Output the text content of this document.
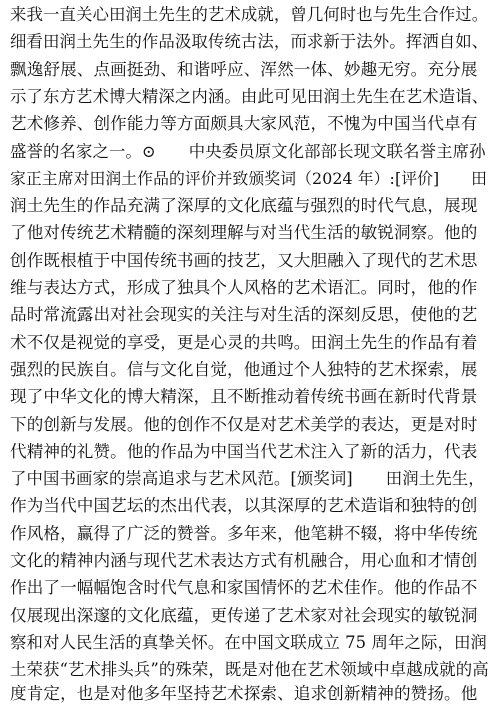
来我一直关心田润土先生的艺术成就，曾几何时也与先生合作过。
细看田润土先生的作品汲取传统古法，而求新于法外。挥洒自如、
飘逸舒展、点画挺劲、和谐呼应、浑然一体、妙趣无穷。充分展
示了东方艺术博大精深之内涵。由此可见田润土先生在艺术造诣、
艺术修养、创作能力等方面颇具大家风范，不愧为中国当代卓有
盛誉的名家之一。⊙　　中央委员原文化部部长现文联名誉主席孙
家正主席对田润土作品的评价并致颁奖词（2024 年）:[评价]　　田
润土先生的作品充满了深厚的文化底蕴与强烈的时代气息，展现
了他对传统艺术精髓的深刻理解与对当代生活的敏锐洞察。他的
创作既根植于中国传统书画的技艺，又大胆融入了现代的艺术思
维与表达方式，形成了独具个人风格的艺术语汇。同时，他的作
品时常流露出对社会现实的关注与对生活的深刻反思，使他的艺
术不仅是视觉的享受，更是心灵的共鸣。田润土先生的作品有着
强烈的民族自。信与文化自觉，他通过个人独特的艺术探索，展
现了中华文化的博大精深，且不断推动着传统书画在新时代背景
下的创新与发展。他的创作不仅是对艺术美学的表达，更是对时
代精神的礼赞。他的作品为中国当代艺术注入了新的活力，代表
了中国书画家的崇高追求与艺术风范。[颁奖词]　　田润土先生，
作为当代中国艺坛的杰出代表，以其深厚的艺术造诣和独特的创
作风格，赢得了广泛的赞誉。多年来，他笔耕不辍，将中华传统
文化的精神内涵与现代艺术表达方式有机融合，用心血和才情创
作出了一幅幅饱含时代气息和家国情怀的艺术佳作。他的作品不
仅展现出深邃的文化底蕴，更传递了艺术家对社会现实的敏锐洞
察和对人民生活的真挚关怀。在中国文联成立 75 周年之际，田润
土荣获“艺术排头兵”的殊荣，既是对他在艺术领域中卓越成就的高
度肯定，也是对他多年坚持艺术探索、追求创新精神的赞扬。他
